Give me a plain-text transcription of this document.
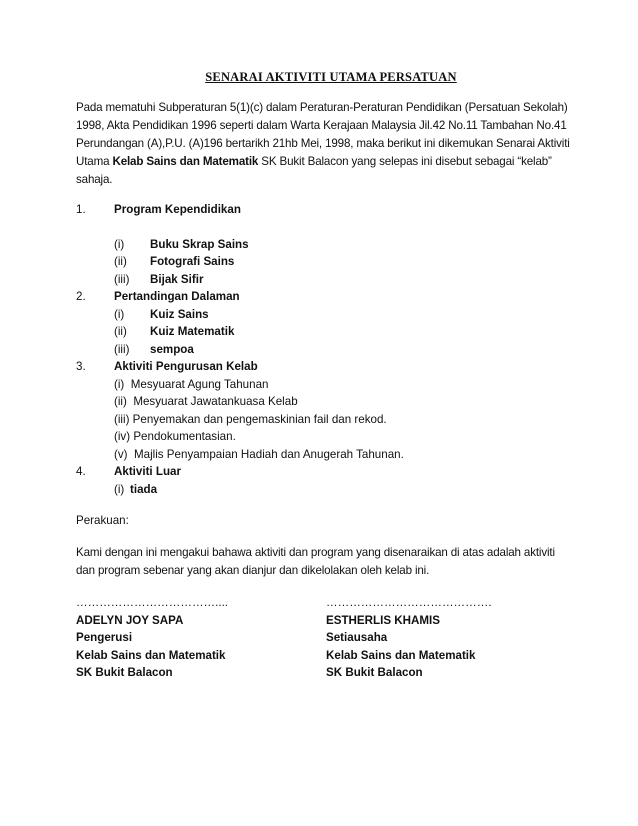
SENARAI AKTIVITI UTAMA PERSATUAN

Pada mematuhi Subperaturan 5(1)(c) dalam Peraturan-Peraturan Pendidikan (Persatuan Sekolah) 1998, Akta Pendidikan 1996 seperti dalam Warta Kerajaan Malaysia Jil.42 No.11 Tambahan No.41 Perundangan (A),P.U. (A)196 bertarikh 21hb Mei, 1998, maka berikut ini dikemukan Senarai Aktiviti Utama Kelab Sains dan Matematik SK Bukit Balacon yang selepas ini disebut sebagai “kelab” sahaja.

1.	Program Kependidikan
(i)	Buku Skrap Sains
(ii)	Fotografi Sains
(iii)	Bijak Sifir
2.	Pertandingan Dalaman
(i)	Kuiz Sains
(ii)	Kuiz Matematik
(iii)	sempoa
3.	Aktiviti Pengurusan Kelab
(i)  Mesyuarat Agung Tahunan
(ii)  Mesyuarat Jawatankuasa Kelab
(iii) Penyemakan dan pengemaskinian fail dan rekod.
(iv) Pendokumentasian.
(v)  Majlis Penyampaian Hadiah dan Anugerah Tahunan.
4.	Aktiviti Luar
(i) tiada
Perakuan:
Kami dengan ini mengakui bahawa aktiviti dan program yang disenaraikan di atas adalah aktiviti dan program sebenar yang akan dianjur dan dikelolakan oleh kelab ini.
………………………………....
ADELYN JOY SAPA
Pengerusi
Kelab Sains dan Matematik
SK Bukit Balacon
…………………………………….
ESTHERLIS KHAMIS
Setiausaha
Kelab Sains dan Matematik
SK Bukit Balacon
